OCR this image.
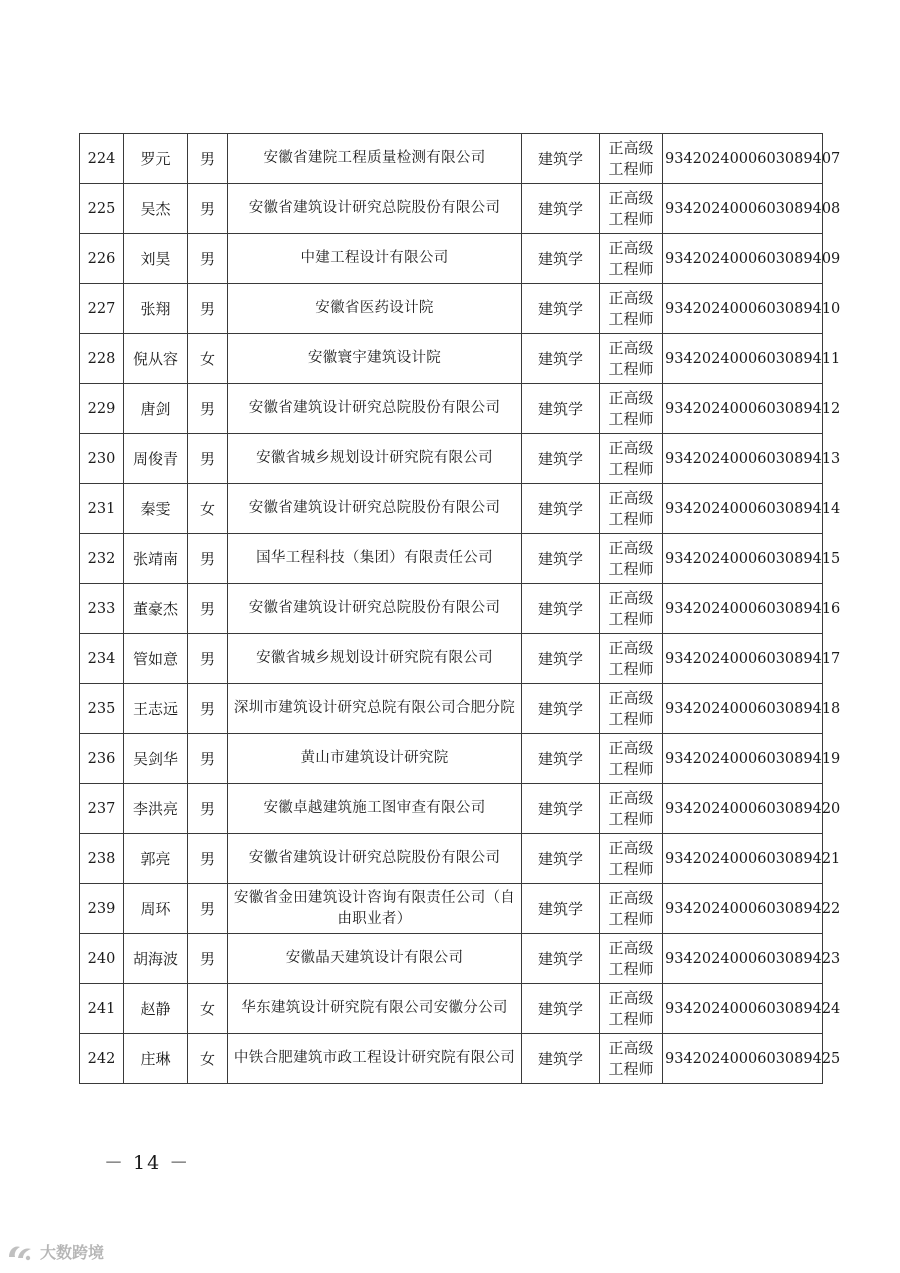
224	罗元	男	安徽省建院工程质量检测有限公司	建筑学	正高级工程师	9342024000603089407
225	吴杰	男	安徽省建筑设计研究总院股份有限公司	建筑学	正高级工程师	9342024000603089408
226	刘昊	男	中建工程设计有限公司	建筑学	正高级工程师	9342024000603089409
227	张翔	男	安徽省医药设计院	建筑学	正高级工程师	9342024000603089410
228	倪从容	女	安徽寰宇建筑设计院	建筑学	正高级工程师	9342024000603089411
229	唐剑	男	安徽省建筑设计研究总院股份有限公司	建筑学	正高级工程师	9342024000603089412
230	周俊青	男	安徽省城乡规划设计研究院有限公司	建筑学	正高级工程师	9342024000603089413
231	秦雯	女	安徽省建筑设计研究总院股份有限公司	建筑学	正高级工程师	9342024000603089414
232	张靖南	男	国华工程科技（集团）有限责任公司	建筑学	正高级工程师	9342024000603089415
233	董豪杰	男	安徽省建筑设计研究总院股份有限公司	建筑学	正高级工程师	9342024000603089416
234	管如意	男	安徽省城乡规划设计研究院有限公司	建筑学	正高级工程师	9342024000603089417
235	王志远	男	深圳市建筑设计研究总院有限公司合肥分院	建筑学	正高级工程师	9342024000603089418
236	吴剑华	男	黄山市建筑设计研究院	建筑学	正高级工程师	9342024000603089419
237	李洪亮	男	安徽卓越建筑施工图审查有限公司	建筑学	正高级工程师	9342024000603089420
238	郭亮	男	安徽省建筑设计研究总院股份有限公司	建筑学	正高级工程师	9342024000603089421
239	周环	男	安徽省金田建筑设计咨询有限责任公司（自由职业者）	建筑学	正高级工程师	9342024000603089422
240	胡海波	男	安徽晶天建筑设计有限公司	建筑学	正高级工程师	9342024000603089423
241	赵静	女	华东建筑设计研究院有限公司安徽分公司	建筑学	正高级工程师	9342024000603089424
242	庄琳	女	中铁合肥建筑市政工程设计研究院有限公司	建筑学	正高级工程师	9342024000603089425
－ 14 －
大数跨境
